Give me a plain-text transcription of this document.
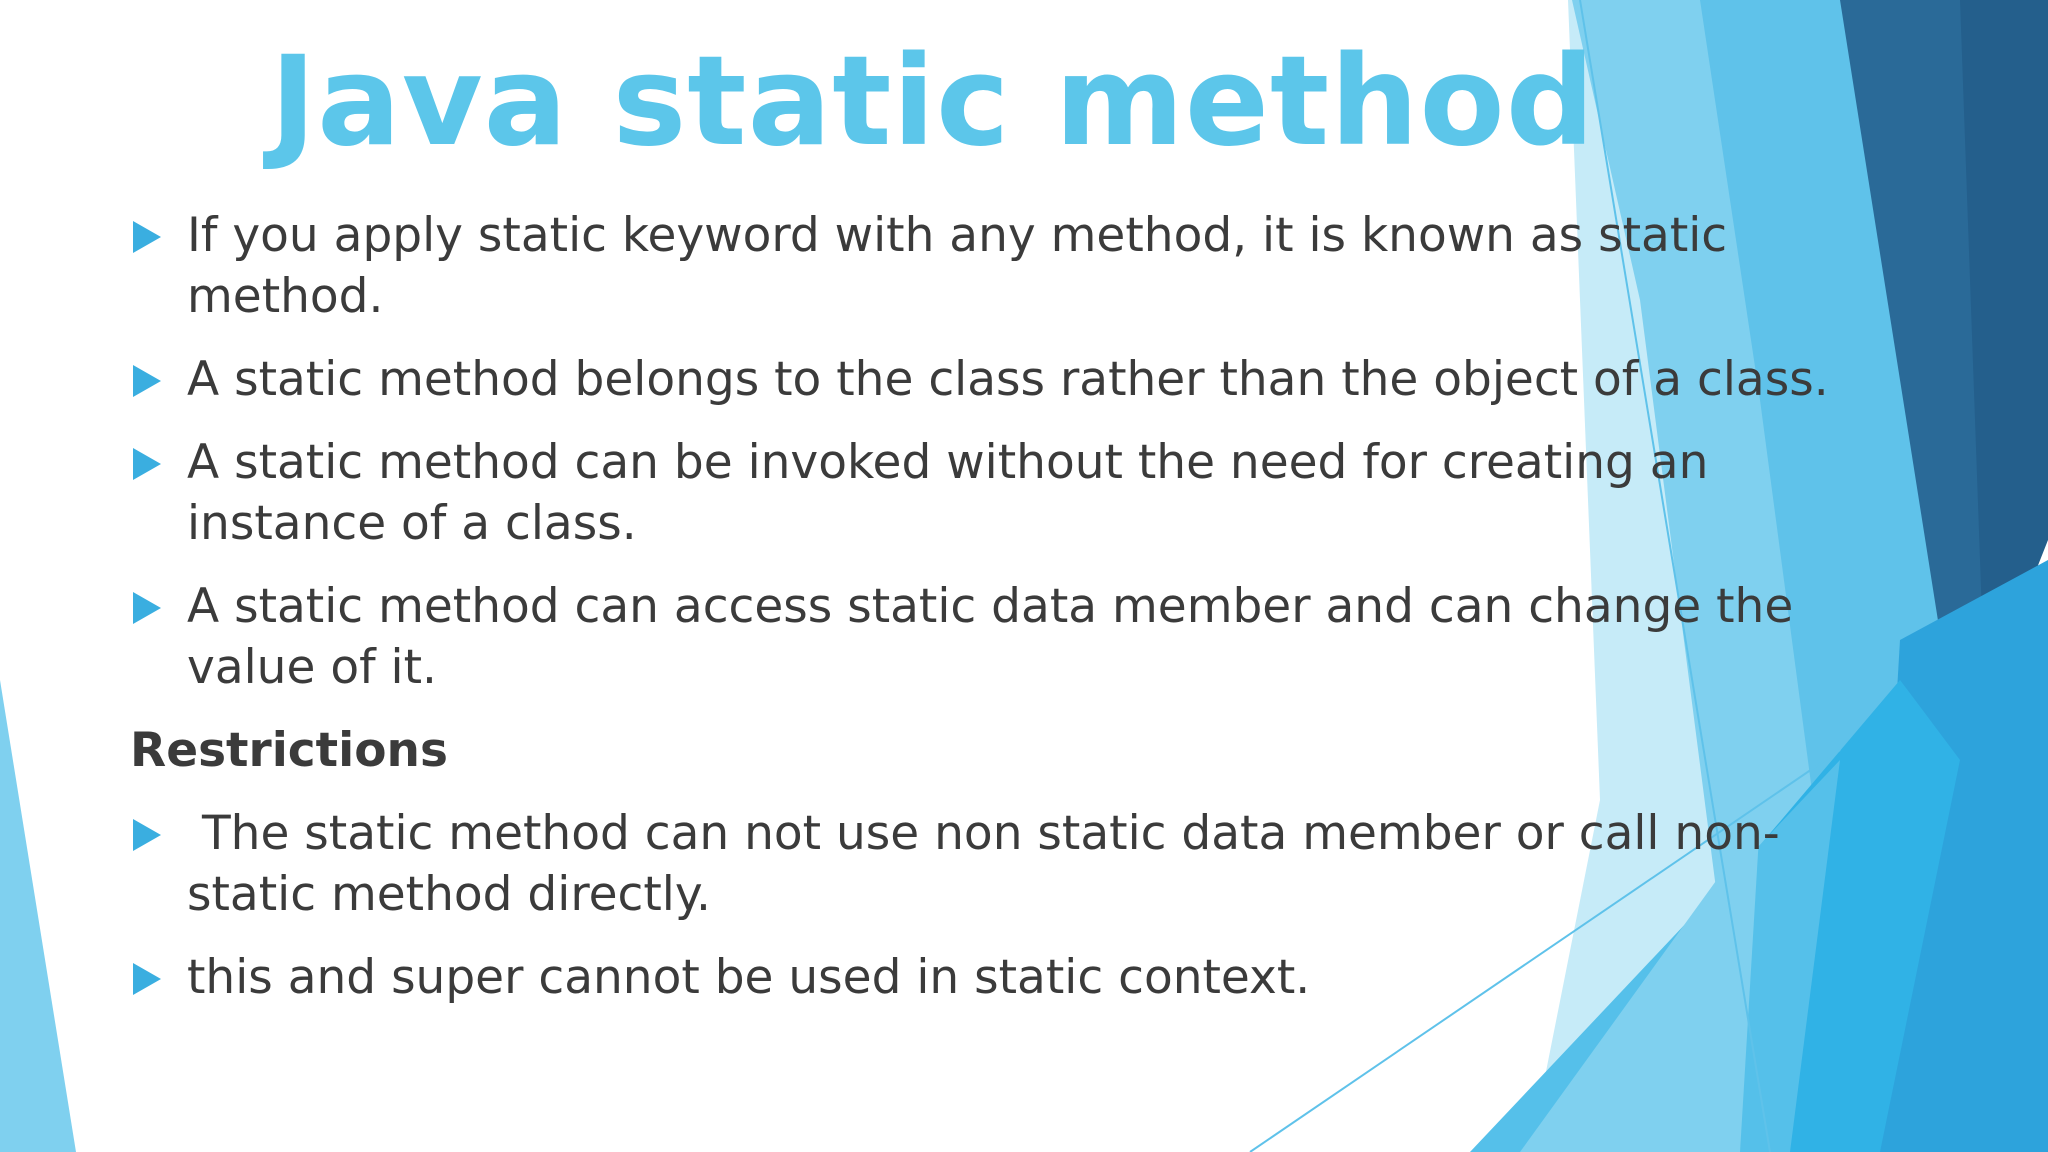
Java static method
If you apply static keyword with any method, it is known as static method.
A static method belongs to the class rather than the object of a class.
A static method can be invoked without the need for creating an instance of a class.
A static method can access static data member and can change the value of it.
Restrictions
The static method can not use non static data member or call non-static method directly.
this and super cannot be used in static context.
